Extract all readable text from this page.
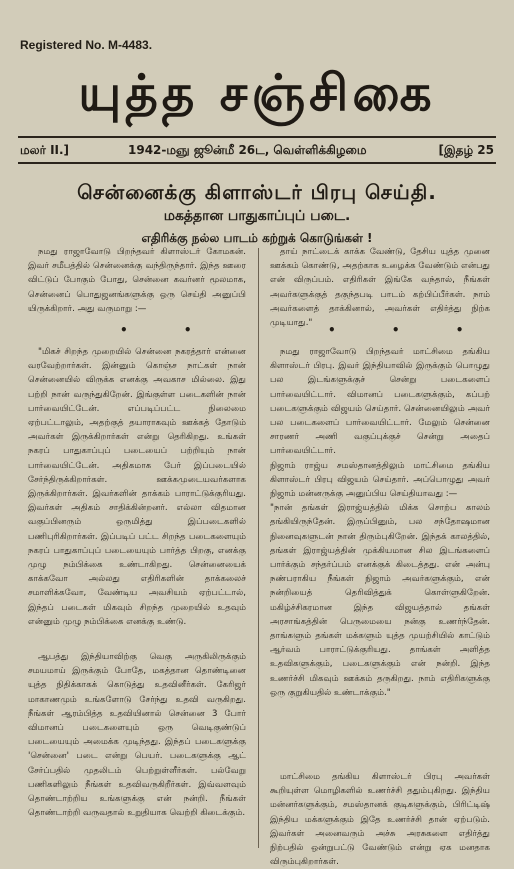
Registered No. M-4483.
யுத்த சஞ்சிகை
மலர் II.]	1942-மஞு ஜூன்மீ 26ட, வெள்ளிக்கிழமை	[இதழ் 25
சென்னைக்கு கிளாஸ்டர் பிரபு செய்தி.
மகத்தான பாதுகாப்புப் படை.
எதிரிக்கு நல்ல பாடம் கற்றுக் கொடுங்கள் !

நமது ராஜாவோடு பிறந்தவர் கிளாஸ்டர் கோமகன். இவர் சமீபத்தில் சென்னைக்கு வந்திருந்தார். இந்த ஊரை விட்டுப் போகும் போது, சென்னை கவர்னர் மூலமாக, சென்னைப் பொதுஜனங்களுக்கு ஒரு செய்தி அனுப்பி யிருக்கிறார். அது வருமாறு :—

• •

"மிகச் சிறந்த முறையில் சென்னை நகரத்தார் என்னை வரவேற்றார்கள். இன்னும் கொஞ்ச நாட்கள் நான் சென்னையில் விருக்க எனக்கு அவகாச மில்லை. இது பற்றி நான் வருந்துகிறேன். இங்குள்ள படைகளின் நான் பார்வையிட்டேன். எப்படிப்பட்ட நிலைமை ஏற்பட்டாலும், அதற்குத் தயாராகவும் ஊக்கத் தோடும் அவர்கள் இருக்கிறார்கள் என்று தெரிகிறது. உங்கள் நகரப் பாதுகாப்புப் படையைப் பற்றியும் நான் பார்வையிட்டேன். அதிகமாக பேர் இப்படையில் சேர்ந்திருக்கிறார்கள். ஊக்கமுடையவர்களாக இருக்கிறார்கள். இவர்களின் தாக்கம் பாராட்டுக்குரியது. இவர்கள் அதிகம் சாதிக்கின்றனர். எல்லா விதமான வகுப்பினரும் ஒருமித்து இப்படைகளில் பணிபுரிகிறார்கள். இப்படிப் பட்ட சிறந்த படைகளையும் நகரப் பாதுகாப்புப் படையையும் பார்த்த பிறகு, எனக்கு முழு நம்பிக்கை உண்டாகிறது. சென்னையைக் காக்கவோ அல்லது எதிரிகளின் தாக்கலைச் சமாளிக்கவோ, வேண்டிய அவசியம் ஏற்பட்டால், இந்தப் படைகள் மிகவும் சிறந்த முறையில் உதவும் என்னும் முழு நம்பிக்கை எனக்கு உண்டு.

ஆபத்து இந்தியாவிற்கு வெகு அருகிலிருக்கும் சமயமாய் இருக்கும் போதே, மகத்தான தொண்டினை யுத்த நிதிக்காகக் கொடுத்து உதவினீர்கள். கேரிஜர் மாகாணமும் உங்களோடு சேர்ந்து உதவி வருகிறது. நீங்கள் ஆரம்பித்த உதவியினால் சென்னை 3 போர் விமானப் படைகளையும் ஒரு வெடிகுண்டுப் படையையும் அமைக்க முடிந்தது. இந்தப் படைகளுக்கு 'சென்னை' படை என்று பெயர். படைகளுக்கு ஆட் சேர்ப்பதில் முதலிடம் பெற்றுள்ளீர்கள். பல்வேறு பணிகளிலும் நீங்கள் உதவிவருகிறீர்கள். இவ்வளவும் தொண்டாற்றிய உங்களுக்கு என் நன்றி. நீங்கள் தொண்டாற்றி வருவதால் உறுதியாக வெற்றி கிடைக்கும்.

தாய் நாட்டைக் காக்க வேண்டு, தேசிய யுத்த முனை ஊக்கம் கொண்டு, அதற்காக உழைக்க வேண்டும் என்பது என் விருப்பம். எதிரிகள் இங்கே வந்தால், நீங்கள் அவர்களுக்குத் தகுந்தபடி பாடம் கற்பிப்பீர்கள். நாம் அவர்களைத் தாக்கினால், அவர்கள் எதிர்த்து நிற்க முடியாது."	• • •

நமது ராஜாவோடு பிறந்தவர் மாட்சிமை தங்கிய கிளாஸ்டர் பிரபு. இவர் இந்தியாவில் இருக்கும் பொழுது பல இடங்களுக்குச் சென்று படைகளைப் பார்வையிட்டார். விமானப் படைகளுக்கும், கப்பற் படைகளுக்கும் விஜயம் செய்தார். சென்னையிலும் அவர் பல படைகளைப் பார்வையிட்டார். மேலும் சென்னை சாரணர் அணி வகுப்புக்குச் சென்று அதைப் பார்வையிட்டார்.
நிஜாம் ராஜ்ய சமஸ்தானத்திலும் மாட்சிமை தங்கிய கிளாஸ்டர் பிரபு விஜயம் செய்தார். அப்பொழுது அவர் நிஜாம் மன்னருக்கு அனுப்பிய செய்தியாவது :—
"நான் தங்கள் இராஜ்யத்தில் மிக்க சொற்ப காலம் தங்கியிருந்தேன். இருப்பினும், பல சந்தோஷமான நினைவுகளுடன் நான் திரும்புகிறேன். இந்தக் காலத்தில், தங்கள் இராஜ்யத்தின் முக்கியமான சில இடங்களைப் பார்க்கும் சந்தர்ப்பம் எனக்குக் கிடைத்தது. என் அன்பு நண்பராகிய நீங்கள் நிஜாம் அவர்களுக்கும், என் நன்றியைத் தெரிவித்துக் கொள்ளுகிறேன். மகிழ்ச்சிகரமான இந்த விஜயத்தால் தங்கள் அரசாங்கத்தின் பெருமையை நன்கு உணர்ந்தேன். தாங்களும் தங்கள் மக்களும் யுத்த முயற்சியில் காட்டும் ஆர்வம் பாராட்டுக்குரியது. தாங்கள் அளித்த உதவிகளுக்கும், படைகளுக்கும் என் நன்றி. இந்த உணர்ச்சி மிகவும் ஊக்கம் தருகிறது. நாம் எதிரிகளுக்கு ஒரு குறுகியதில் உண்டாக்கும்."

மாட்சிமை தங்கிய கிளாஸ்டர் பிரபு அவர்கள் கூறியுள்ள மொழிகளில் உணர்ச்சி ததும்புகிறது. இந்திய மன்னர்களுக்கும், சமஸ்தானக் குடிகளுக்கும், பிரிட்டிஷ் இந்திய மக்களுக்கும் இதே உணர்ச்சி தான் ஏற்படும். இவர்கள் அனைவரும் அச்சு அரசுகளை எதிர்த்து நிற்பதில் ஒன்றுபட்டு வேண்டும் என்று ஏக மனதாக விரும்புகிறார்கள்.
